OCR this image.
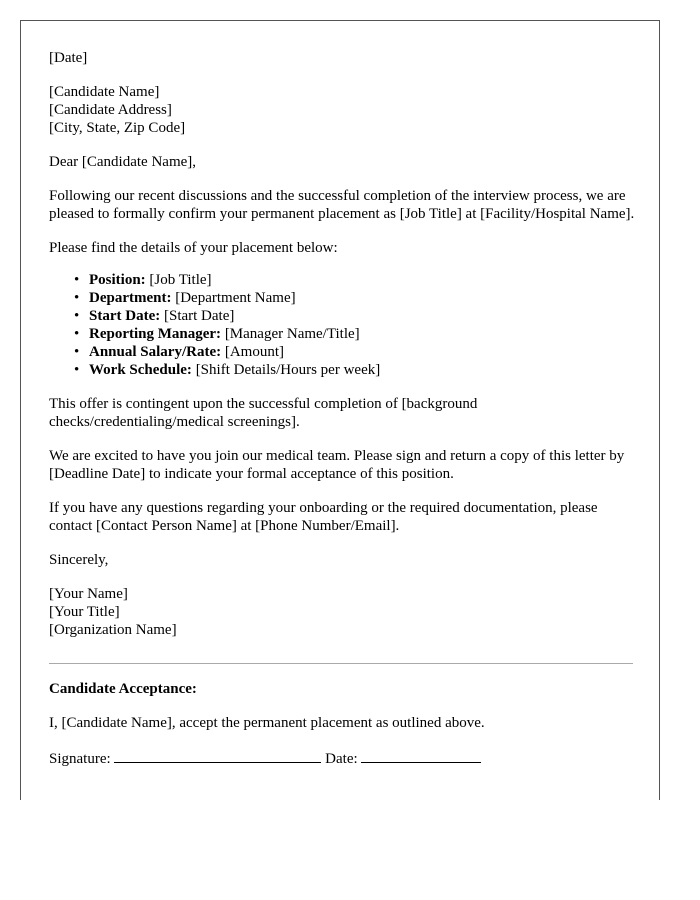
[Date]

[Candidate Name]
[Candidate Address]
[City, State, Zip Code]

Dear [Candidate Name],

Following our recent discussions and the successful completion of the interview process, we are pleased to formally confirm your permanent placement as [Job Title] at [Facility/Hospital Name].

Please find the details of your placement below:

• Position: [Job Title]
• Department: [Department Name]
• Start Date: [Start Date]
• Reporting Manager: [Manager Name/Title]
• Annual Salary/Rate: [Amount]
• Work Schedule: [Shift Details/Hours per week]

This offer is contingent upon the successful completion of [background checks/credentialing/medical screenings].

We are excited to have you join our medical team. Please sign and return a copy of this letter by [Deadline Date] to indicate your formal acceptance of this position.

If you have any questions regarding your onboarding or the required documentation, please contact [Contact Person Name] at [Phone Number/Email].

Sincerely,

[Your Name]
[Your Title]
[Organization Name]

Candidate Acceptance:

I, [Candidate Name], accept the permanent placement as outlined above.

Signature:	Date:
